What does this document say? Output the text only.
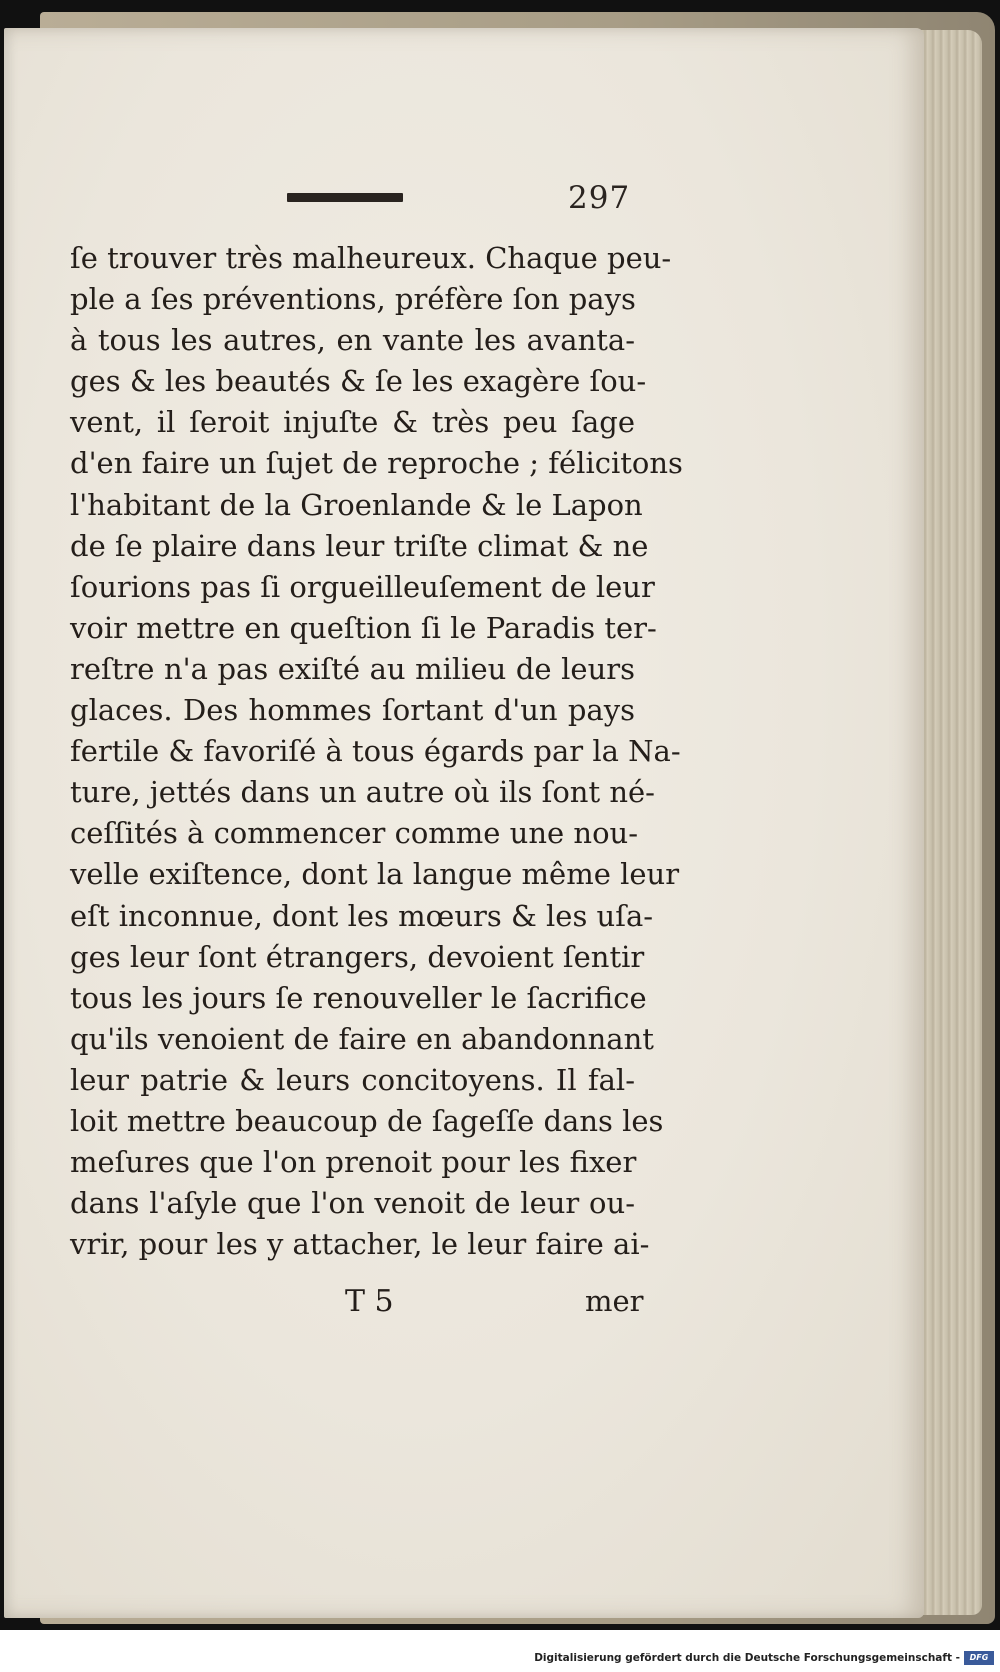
297
ſe trouver très malheureux. Chaque peu-
ple a ſes préventions, préfère ſon pays
à tous les autres, en vante les avanta-
ges & les beautés & ſe les exagère ſou-
vent, il ſeroit injuſte & très peu ſage
d'en faire un ſujet de reproche ; félicitons
l'habitant de la Groenlande & le Lapon
de ſe plaire dans leur triſte climat & ne
ſourions pas ſi orgueilleuſement de leur
voir mettre en queſtion ſi le Paradis ter-
reſtre n'a pas exiſté au milieu de leurs
glaces. Des hommes ſortant d'un pays
fertile & favoriſé à tous égards par la Na-
ture, jettés dans un autre où ils ſont né-
ceſſités à commencer comme une nou-
velle exiſtence, dont la langue même leur
eſt inconnue, dont les mœurs & les uſa-
ges leur ſont étrangers, devoient ſentir
tous les jours ſe renouveller le ſacrifice
qu'ils venoient de faire en abandonnant
leur patrie & leurs concitoyens. Il fal-
loit mettre beaucoup de ſageſſe dans les
meſures que l'on prenoit pour les fixer
dans l'aſyle que l'on venoit de leur ou-
vrir, pour les y attacher, le leur faire ai-
T 5	mer
Digitalisierung gefördert durch die Deutsche Forschungsgemeinschaft -	DFG
